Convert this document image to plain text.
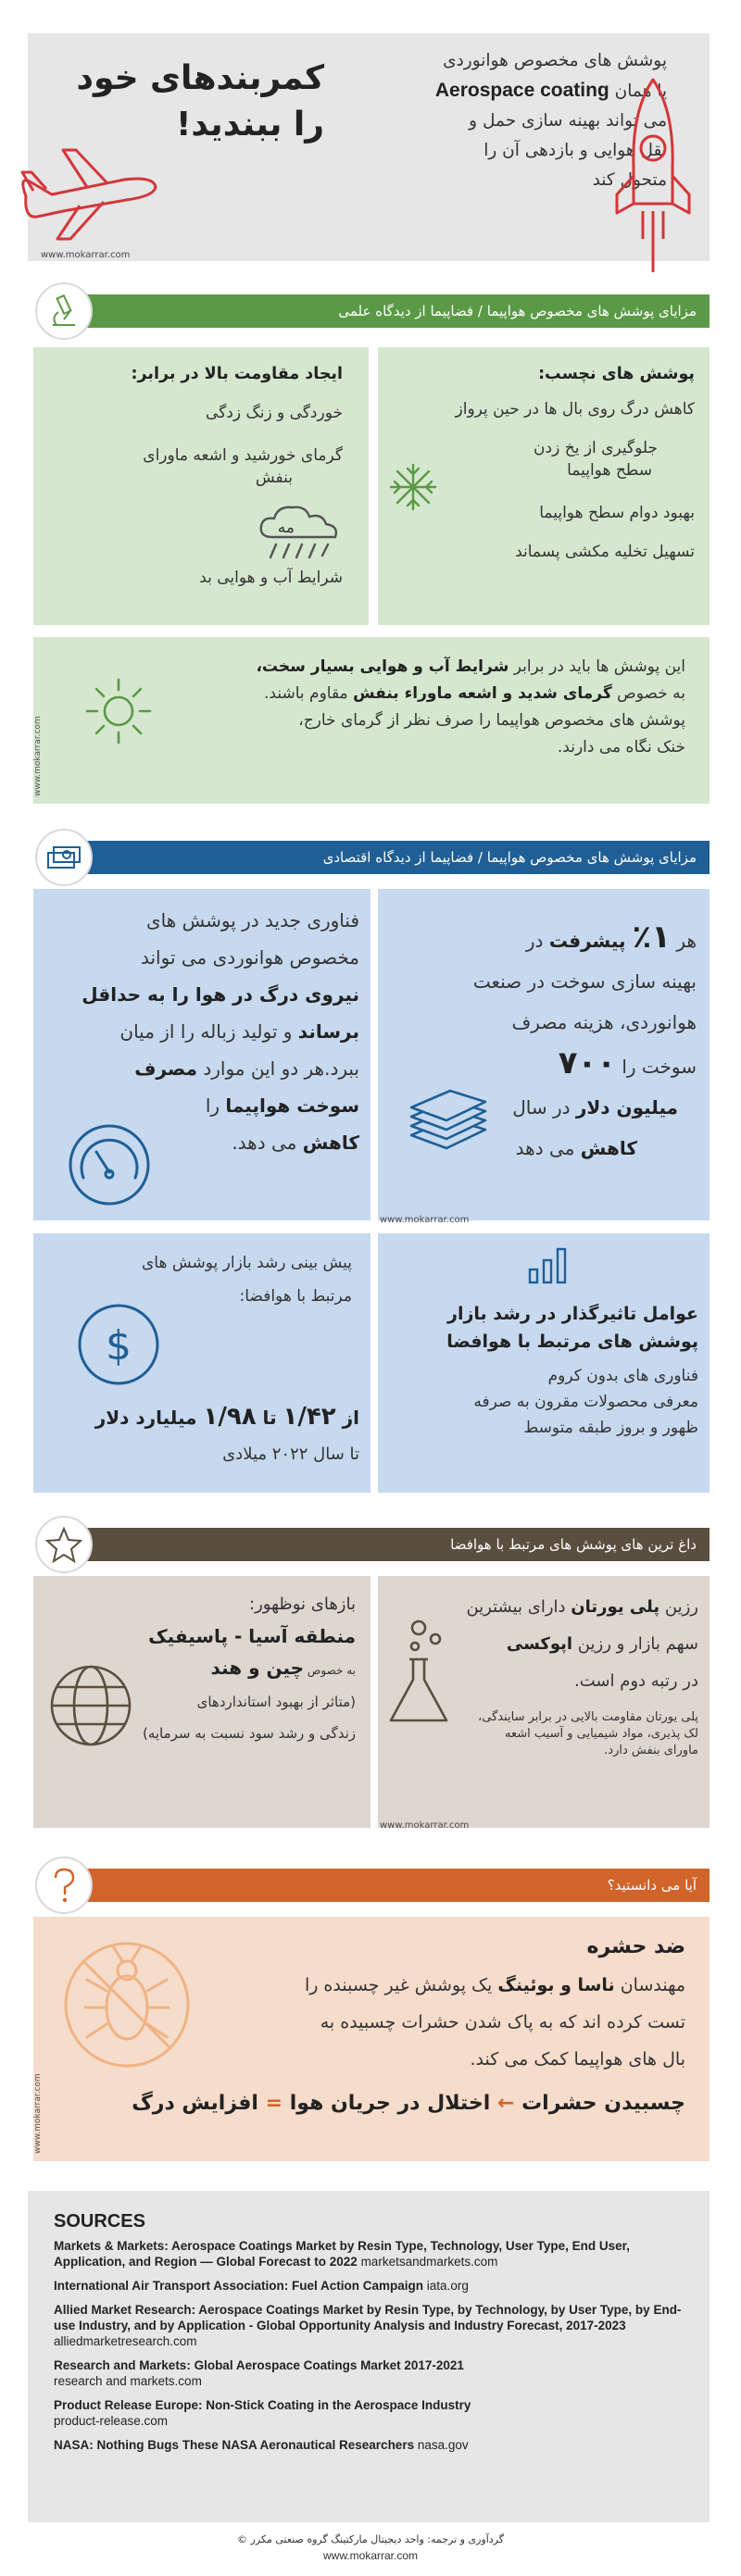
کمربندهای خود
را ببندید!
www.mokarrar.com
پوشش های مخصوص هوانوردی
یا همان Aerospace coating
می تواند بهینه سازی حمل و
نقل هوایی و بازدهی آن را
متحول کند
مزایای پوشش های مخصوص هواپیما / فضاپیما از دیدگاه علمی
ایجاد مقاومت بالا در برابر:
خوردگی و زنگ زدگی
گرمای خورشید و اشعه ماورای
بنفش
مه
شرایط آب و هوایی بد
پوشش های نچسب:
کاهش درگ روی بال ها در حین پرواز
جلوگیری از یخ زدن
سطح هواپیما
بهبود دوام سطح هواپیما
تسهیل تخلیه مکشی پسماند
www.mokarrar.com
این پوشش ها باید در برابر شرایط آب و هوایی بسیار سخت،
به خصوص گرمای شدید و اشعه ماوراء بنفش مقاوم باشند.
پوشش های مخصوص هواپیما را صرف نظر از گرمای خارج،
خنک نگاه می دارند.
مزایای پوشش های مخصوص هواپیما / فضاپیما از دیدگاه اقتصادی
هر ۱٪ پیشرفت در
بهینه سازی سوخت در صنعت
هوانوردی، هزینه مصرف
سوخت را ۷۰۰
میلیون دلار در سال
کاهش می دهد
www.mokarrar.com
فناوری جدید در پوشش های
مخصوص هوانوردی می تواند
نیروی درگ در هوا را به حداقل
برساند و تولید زباله را از میان
ببرد.هر دو این موارد مصرف
سوخت هواپیما را
کاهش می دهد.
عوامل تاثیرگذار در رشد بازار
پوشش های مرتبط با هوافضا
فناوری های بدون کروم
معرفی محصولات مقرون به صرفه
ظهور و بروز طبقه متوسط
پیش بینی رشد بازار پوشش های
مرتبط با هوافضا:
$
از ۱/۴۲ تا ۱/۹۸ میلیارد دلار
تا سال ۲۰۲۲ میلادی
داغ ترین های پوشش های مرتبط با هوافضا
رزین پلی یورتان دارای بیشترین
سهم بازار و رزین اپوکسی
در رتبه دوم است.
پلی یورتان مقاومت بالایی در برابر سایندگی،
لک پذیری، مواد شیمیایی و آسیب اشعه
ماورای بنفش دارد.
www.mokarrar.com
بازهای نوظهور:
منطقه آسیا - پاسیفیک
به خصوص چین و هند
(متاثر از بهبود استانداردهای
زندگی و رشد سود نسبت به سرمایه)
آیا می دانستید؟
www.mokarrar.com
ضد حشره
مهندسان ناسا و بوئینگ یک پوشش غیر چسبنده را
تست کرده اند که به پاک شدن حشرات چسبیده به
بال های هواپیما کمک می کند.
چسبیدن حشرات ← اختلال در جریان هوا = افزایش درگ
SOURCES
Markets & Markets: Aerospace Coatings Market by Resin Type, Technology, User Type, End User, Application, and Region — Global Forecast to 2022 marketsandmarkets.com
International Air Transport Association: Fuel Action Campaign iata.org
Allied Market Research: Aerospace Coatings Market by Resin Type, by Technology, by User Type, by End-use Industry, and by Application - Global Opportunity Analysis and Industry Forecast, 2017-2023 alliedmarketresearch.com
Research and Markets: Global Aerospace Coatings Market 2017-2021
research and markets.com
Product Release Europe: Non-Stick Coating in the Aerospace Industry
product-release.com
NASA: Nothing Bugs These NASA Aeronautical Researchers nasa.gov
گردآوری و ترجمه: واحد دیجیتال مارکتینگ گروه صنعتی مکرر ©
www.mokarrar.com
